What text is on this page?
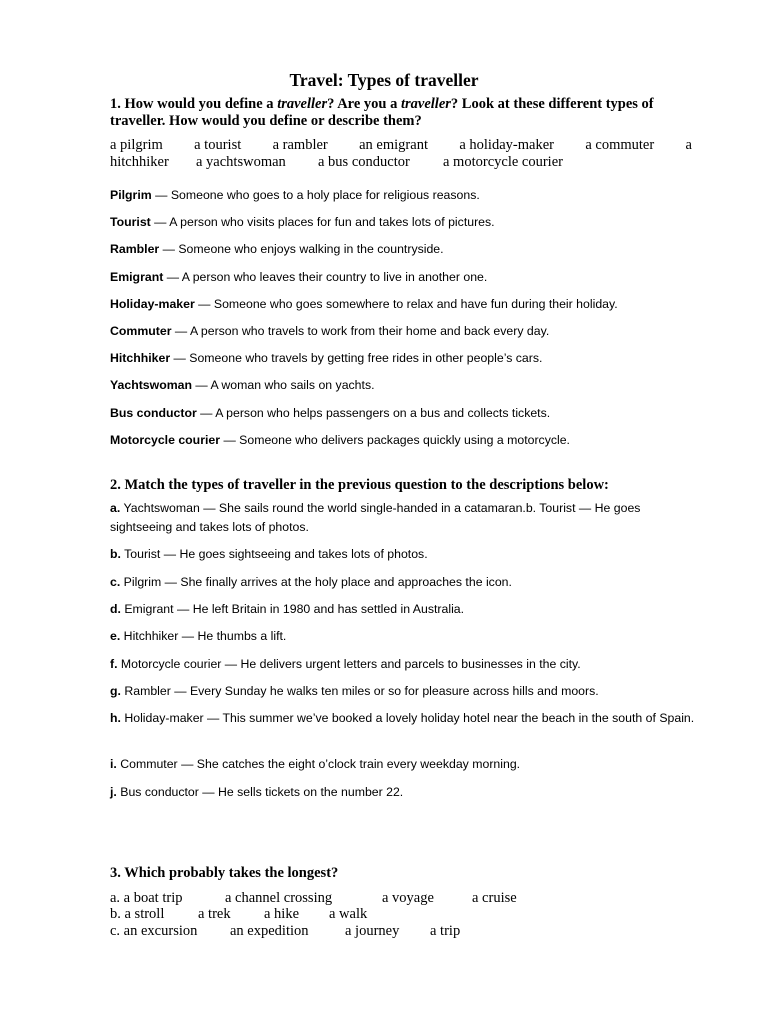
Travel: Types of traveller
1. How would you define a traveller? Are you a traveller? Look at these different types of traveller. How would you define or describe them?
a pilgrim a tourist a rambler an emigrant a holiday-maker a commuter a
hitchhiker a yachtswoman a bus conductor a motorcycle courier
Pilgrim — Someone who goes to a holy place for religious reasons.
Tourist — A person who visits places for fun and takes lots of pictures.
Rambler — Someone who enjoys walking in the countryside.
Emigrant — A person who leaves their country to live in another one.
Holiday-maker — Someone who goes somewhere to relax and have fun during their holiday.
Commuter — A person who travels to work from their home and back every day.
Hitchhiker — Someone who travels by getting free rides in other people’s cars.
Yachtswoman — A woman who sails on yachts.
Bus conductor — A person who helps passengers on a bus and collects tickets.
Motorcycle courier — Someone who delivers packages quickly using a motorcycle.
2. Match the types of traveller in the previous question to the descriptions below:
a. Yachtswoman — She sails round the world single-handed in a catamaran.b. Tourist — He goes sightseeing and takes lots of photos.
b. Tourist — He goes sightseeing and takes lots of photos.
c. Pilgrim — She finally arrives at the holy place and approaches the icon.
d. Emigrant — He left Britain in 1980 and has settled in Australia.
e. Hitchhiker — He thumbs a lift.
f. Motorcycle courier — He delivers urgent letters and parcels to businesses in the city.
g. Rambler — Every Sunday he walks ten miles or so for pleasure across hills and moors.
h. Holiday-maker — This summer we’ve booked a lovely holiday hotel near the beach in the south of Spain.
i. Commuter — She catches the eight o’clock train every weekday morning.
j. Bus conductor — He sells tickets on the number 22.
3. Which probably takes the longest?
a. a boat trip	a channel crossing	a voyage	a cruise
b. a stroll a trek a hike a walk
c. an excursion an expedition	a journey a trip
